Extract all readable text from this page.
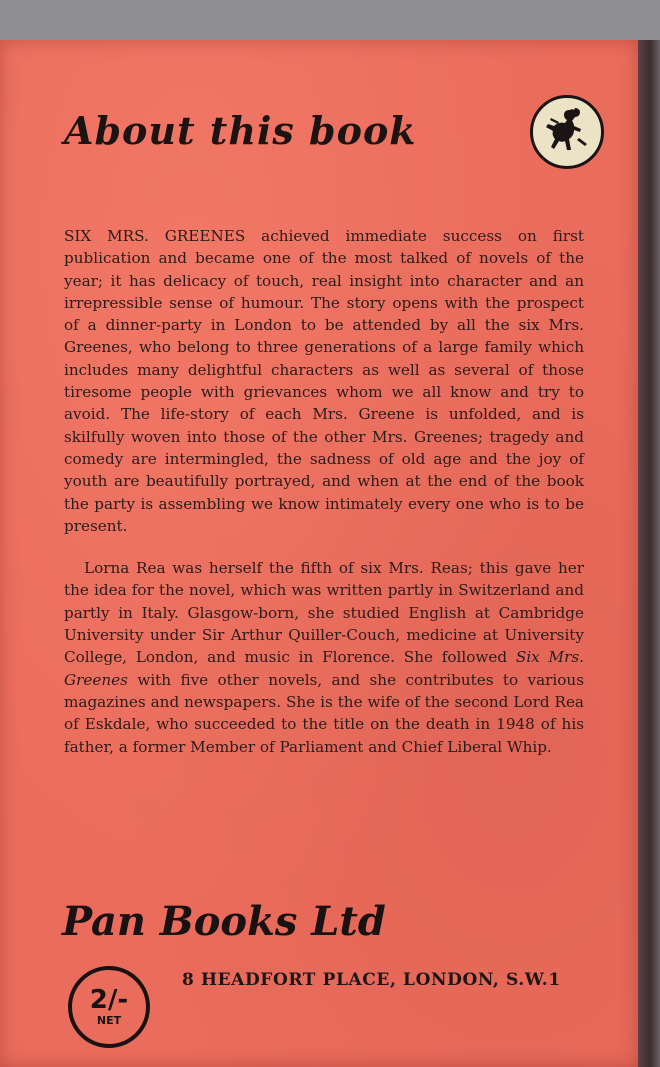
About this book

SIX MRS. GREENES achieved immediate success on first publication and became one of the most talked of novels of the year; it has delicacy of touch, real insight into character and an irrepressible sense of humour. The story opens with the prospect of a dinner-party in London to be attended by all the six Mrs. Greenes, who belong to three generations of a large family which includes many delightful characters as well as several of those tiresome people with grievances whom we all know and try to avoid. The life-story of each Mrs. Greene is unfolded, and is skilfully woven into those of the other Mrs. Greenes; tragedy and comedy are intermingled, the sadness of old age and the joy of youth are beautifully portrayed, and when at the end of the book the party is assembling we know intimately every one who is to be present.

Lorna Rea was herself the fifth of six Mrs. Reas; this gave her the idea for the novel, which was written partly in Switzerland and partly in Italy. Glasgow-born, she studied English at Cambridge University under Sir Arthur Quiller-Couch, medicine at University College, London, and music in Florence. She followed Six Mrs. Greenes with five other novels, and she contributes to various magazines and newspapers. She is the wife of the second Lord Rea of Eskdale, who succeeded to the title on the death in 1948 of his father, a former Member of Parliament and Chief Liberal Whip.

Pan Books Ltd
2/-
NET
8 HEADFORT PLACE, LONDON, S.W.1
